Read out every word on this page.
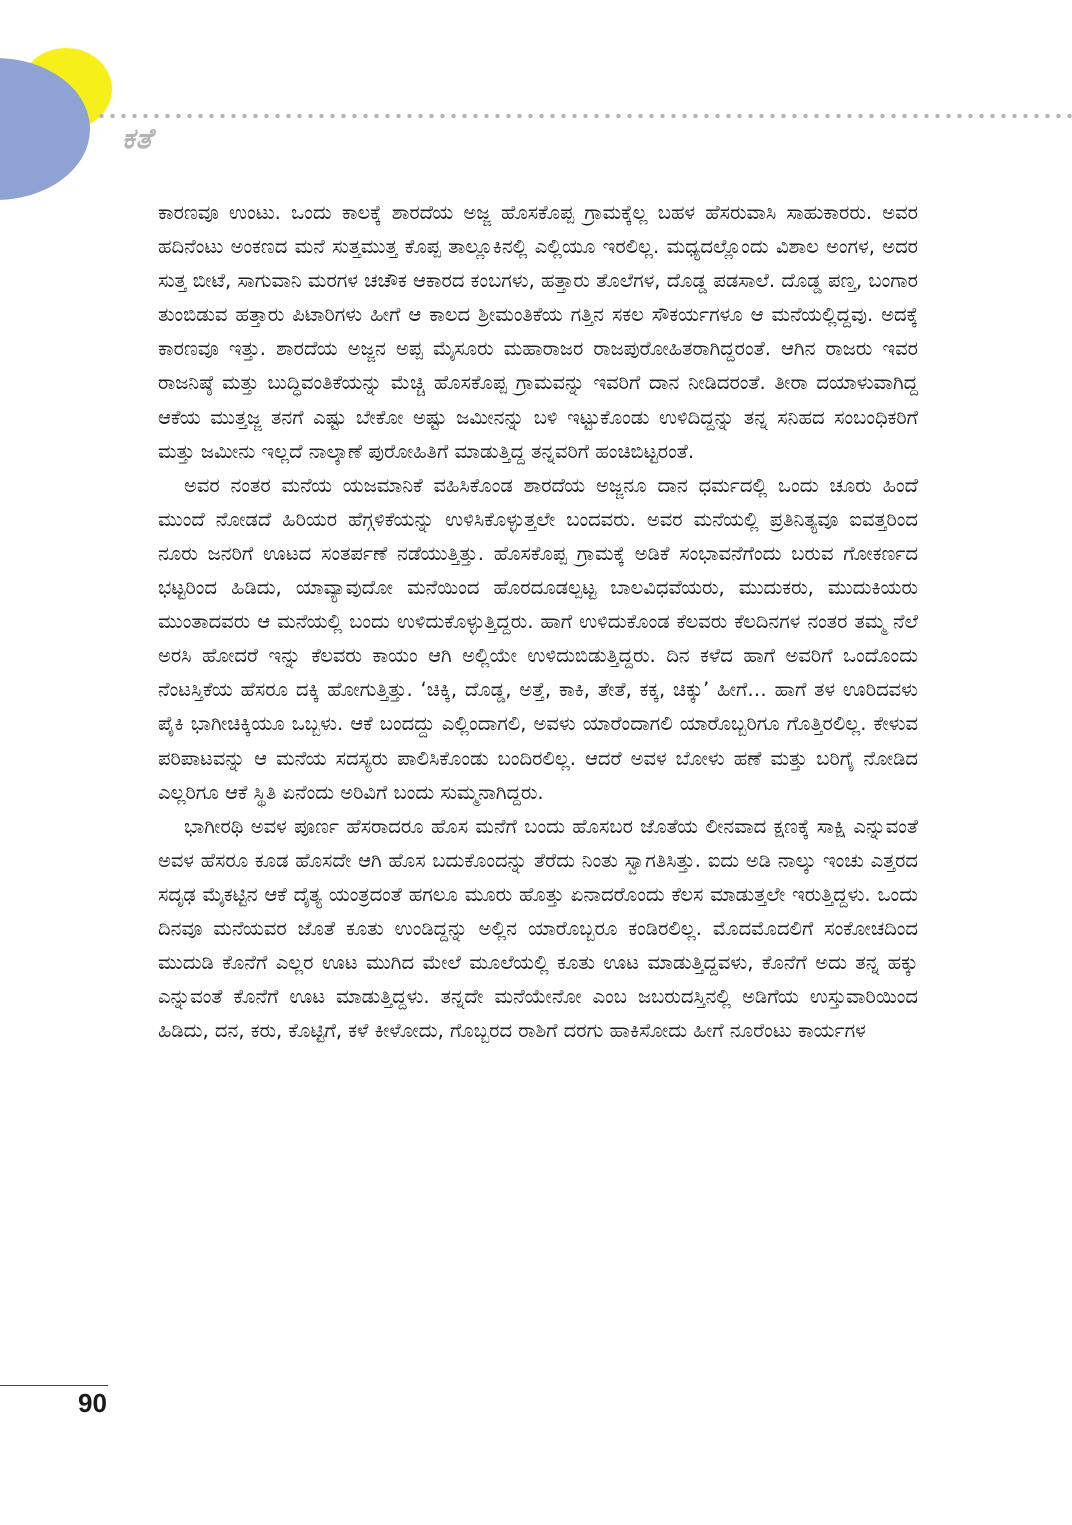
ಕತೆ

ಕಾರಣವೂ ಉಂಟು. ಒಂದು ಕಾಲಕ್ಕೆ ಶಾರದೆಯ ಅಜ್ಜ ಹೊಸಕೊಪ್ಪ ಗ್ರಾಮಕ್ಕೆಲ್ಲ ಬಹಳ ಹೆಸರುವಾಸಿ ಸಾಹುಕಾರರು. ಅವರ ಹದಿನೆಂಟು ಅಂಕಣದ ಮನೆ ಸುತ್ತಮುತ್ತ ಕೊಪ್ಪ ತಾಲ್ಲೂಕಿನಲ್ಲಿ ಎಲ್ಲಿಯೂ ಇರಲಿಲ್ಲ. ಮಧ್ಯದಲ್ಲೊಂದು ವಿಶಾಲ ಅಂಗಳ, ಅದರ ಸುತ್ತ ಬೀಟೆ, ಸಾಗುವಾನಿ ಮರಗಳ ಚಚೌಕ ಆಕಾರದ ಕಂಬಗಳು, ಹತ್ತಾರು ತೊಲೆಗಳ, ದೊಡ್ಡ ಪಡಸಾಲೆ. ದೊಡ್ಡ ಪಣ್ತ, ಬಂಗಾರ ತುಂಬಿಡುವ ಹತ್ತಾರು ಪಿಟಾರಿಗಳು ಹೀಗೆ ಆ ಕಾಲದ ಶ್ರೀಮಂತಿಕೆಯ ಗತ್ತಿನ ಸಕಲ ಸೌಕರ್ಯಗಳೂ ಆ ಮನೆಯಲ್ಲಿದ್ದವು. ಅದಕ್ಕೆ ಕಾರಣವೂ ಇತ್ತು. ಶಾರದೆಯ ಅಜ್ಜನ ಅಪ್ಪ ಮೈಸೂರು ಮಹಾರಾಜರ ರಾಜಪುರೋಹಿತರಾಗಿದ್ದರಂತೆ. ಆಗಿನ ರಾಜರು ಇವರ ರಾಜನಿಷ್ಠೆ ಮತ್ತು ಬುದ್ಧಿವಂತಿಕೆಯನ್ನು ಮೆಚ್ಚಿ ಹೊಸಕೊಪ್ಪ ಗ್ರಾಮವನ್ನು ಇವರಿಗೆ ದಾನ ನೀಡಿದರಂತೆ. ತೀರಾ ದಯಾಳುವಾಗಿದ್ದ ಆಕೆಯ ಮುತ್ತಜ್ಜ ತನಗೆ ಎಷ್ಟು ಬೇಕೋ ಅಷ್ಟು ಜಮೀನನ್ನು ಬಳಿ ಇಟ್ಟುಕೊಂಡು ಉಳಿದಿದ್ದನ್ನು ತನ್ನ ಸನಿಹದ ಸಂಬಂಧಿಕರಿಗೆ ಮತ್ತು ಜಮೀನು ಇಲ್ಲದೆ ನಾಲ್ಕಾಣೆ ಪುರೋಹಿತಿಗೆ ಮಾಡುತ್ತಿದ್ದ ತನ್ನವರಿಗೆ ಹಂಚಿಬಿಟ್ಟರಂತೆ.

ಅವರ ನಂತರ ಮನೆಯ ಯಜಮಾನಿಕೆ ವಹಿಸಿಕೊಂಡ ಶಾರದೆಯ ಅಜ್ಜನೂ ದಾನ ಧರ್ಮದಲ್ಲಿ ಒಂದು ಚೂರು ಹಿಂದೆ ಮುಂದೆ ನೋಡದೆ ಹಿರಿಯರ ಹೆಗ್ಗಳಿಕೆಯನ್ನು ಉಳಿಸಿಕೊಳ್ಳುತ್ತಲೇ ಬಂದವರು. ಅವರ ಮನೆಯಲ್ಲಿ ಪ್ರತಿನಿತ್ಯವೂ ಐವತ್ತರಿಂದ ನೂರು ಜನರಿಗೆ ಊಟದ ಸಂತರ್ಪಣೆ ನಡೆಯುತ್ತಿತ್ತು. ಹೊಸಕೊಪ್ಪ ಗ್ರಾಮಕ್ಕೆ ಅಡಿಕೆ ಸಂಭಾವನೆಗೆಂದು ಬರುವ ಗೋಕರ್ಣದ ಭಟ್ಟರಿಂದ ಹಿಡಿದು, ಯಾವ್ಯಾವುದೋ ಮನೆಯಿಂದ ಹೊರದೂಡಲ್ಪಟ್ಟ ಬಾಲವಿಧವೆಯರು, ಮುದುಕರು, ಮುದುಕಿಯರು ಮುಂತಾದವರು ಆ ಮನೆಯಲ್ಲಿ ಬಂದು ಉಳಿದುಕೊಳ್ಳುತ್ತಿದ್ದರು. ಹಾಗೆ ಉಳಿದುಕೊಂಡ ಕೆಲವರು ಕೆಲದಿನಗಳ ನಂತರ ತಮ್ಮ ನೆಲೆ ಅರಸಿ ಹೋದರೆ ಇನ್ನು ಕೆಲವರು ಕಾಯಂ ಆಗಿ ಅಲ್ಲಿಯೇ ಉಳಿದುಬಿಡುತ್ತಿದ್ದರು. ದಿನ ಕಳೆದ ಹಾಗೆ ಅವರಿಗೆ ಒಂದೊಂದು ನೆಂಟಸ್ತಿಕೆಯ ಹೆಸರೂ ದಕ್ಕಿ ಹೋಗುತ್ತಿತ್ತು. ‘ಚಿಕ್ಕಿ, ದೊಡ್ಡ, ಅತ್ತೆ, ಕಾಕಿ, ತೇತೆ, ಕಕ್ಕ, ಚಿಕ್ಕು’ ಹೀಗೆ… ಹಾಗೆ ತಳ ಊರಿದವಳು ಪೈಕಿ ಭಾಗೀಚಿಕ್ಕಿಯೂ ಒಬ್ಬಳು. ಆಕೆ ಬಂದದ್ದು ಎಲ್ಲಿಂದಾಗಲಿ, ಅವಳು ಯಾರೆಂದಾಗಲಿ ಯಾರೊಬ್ಬರಿಗೂ ಗೊತ್ತಿರಲಿಲ್ಲ. ಕೇಳುವ ಪರಿಪಾಟವನ್ನು ಆ ಮನೆಯ ಸದಸ್ಯರು ಪಾಲಿಸಿಕೊಂಡು ಬಂದಿರಲಿಲ್ಲ. ಆದರೆ ಅವಳ ಬೋಳು ಹಣೆ ಮತ್ತು ಬರಿಗೈ ನೋಡಿದ ಎಲ್ಲರಿಗೂ ಆಕೆ ಸ್ಥಿತಿ ಏನೆಂದು ಅರಿವಿಗೆ ಬಂದು ಸುಮ್ಮನಾಗಿದ್ದರು.

ಭಾಗೀರಥಿ ಅವಳ ಪೂರ್ಣ ಹೆಸರಾದರೂ ಹೊಸ ಮನೆಗೆ ಬಂದು ಹೊಸಬರ ಜೊತೆಯ ಲೀನವಾದ ಕ್ಷಣಕ್ಕೆ ಸಾಕ್ಷಿ ಎನ್ನುವಂತೆ ಅವಳ ಹೆಸರೂ ಕೂಡ ಹೊಸದೇ ಆಗಿ ಹೊಸ ಬದುಕೊಂದನ್ನು ತೆರೆದು ನಿಂತು ಸ್ವಾಗತಿಸಿತ್ತು. ಐದು ಅಡಿ ನಾಲ್ಕು ಇಂಚು ಎತ್ತರದ ಸದೃಢ ಮೈಕಟ್ಟಿನ ಆಕೆ ದೈತ್ಯ ಯಂತ್ರದಂತೆ ಹಗಲೂ ಮೂರು ಹೊತ್ತು ಏನಾದರೊಂದು ಕೆಲಸ ಮಾಡುತ್ತಲೇ ಇರುತ್ತಿದ್ದಳು. ಒಂದು ದಿನವೂ ಮನೆಯವರ ಜೊತೆ ಕೂತು ಉಂಡಿದ್ದನ್ನು ಅಲ್ಲಿನ ಯಾರೊಬ್ಬರೂ ಕಂಡಿರಲಿಲ್ಲ. ಮೊದಮೊದಲಿಗೆ ಸಂಕೋಚದಿಂದ ಮುದುಡಿ ಕೊನೆಗೆ ಎಲ್ಲರ ಊಟ ಮುಗಿದ ಮೇಲೆ ಮೂಲೆಯಲ್ಲಿ ಕೂತು ಊಟ ಮಾಡುತ್ತಿದ್ದವಳು, ಕೊನೆಗೆ ಅದು ತನ್ನ ಹಕ್ಕು ಎನ್ನುವಂತೆ ಕೊನೆಗೆ ಊಟ ಮಾಡುತ್ತಿದ್ದಳು. ತನ್ನದೇ ಮನೆಯೇನೋ ಎಂಬ ಜಬರುದಸ್ತಿನಲ್ಲಿ ಅಡಿಗೆಯ ಉಸ್ತುವಾರಿಯಿಂದ ಹಿಡಿದು, ದನ, ಕರು, ಕೊಟ್ಟಿಗೆ, ಕಳೆ ಕೀಳೋದು, ಗೊಬ್ಬರದ ರಾಶಿಗೆ ದರಗು ಹಾಕಿಸೋದು ಹೀಗೆ ನೂರೆಂಟು ಕಾರ್ಯಗಳ

90
